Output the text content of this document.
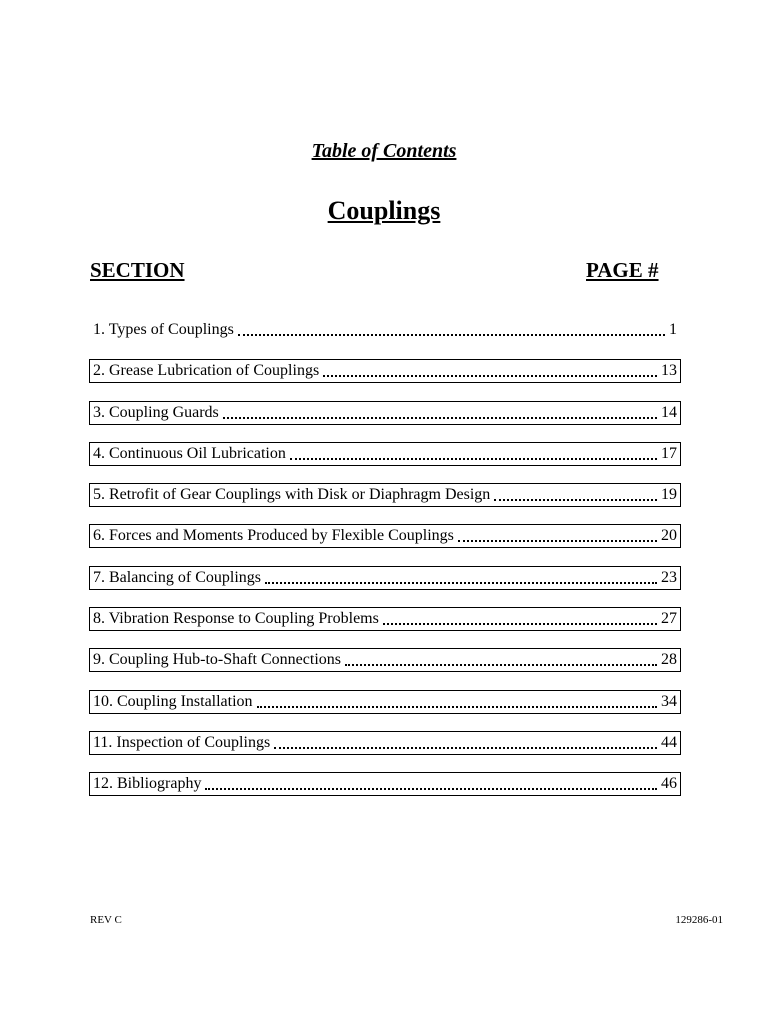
Table of Contents
Couplings
SECTION	PAGE #
1. Types of Couplings	1
2. Grease Lubrication of Couplings	13
3. Coupling Guards	14
4. Continuous Oil Lubrication	17
5. Retrofit of Gear Couplings with Disk or Diaphragm Design	19
6. Forces and Moments Produced by Flexible Couplings	20
7. Balancing of Couplings	23
8. Vibration Response to Coupling Problems	27
9. Coupling Hub-to-Shaft Connections	28
10. Coupling Installation	34
11. Inspection of Couplings	44
12. Bibliography	46
REV C	129286-01
